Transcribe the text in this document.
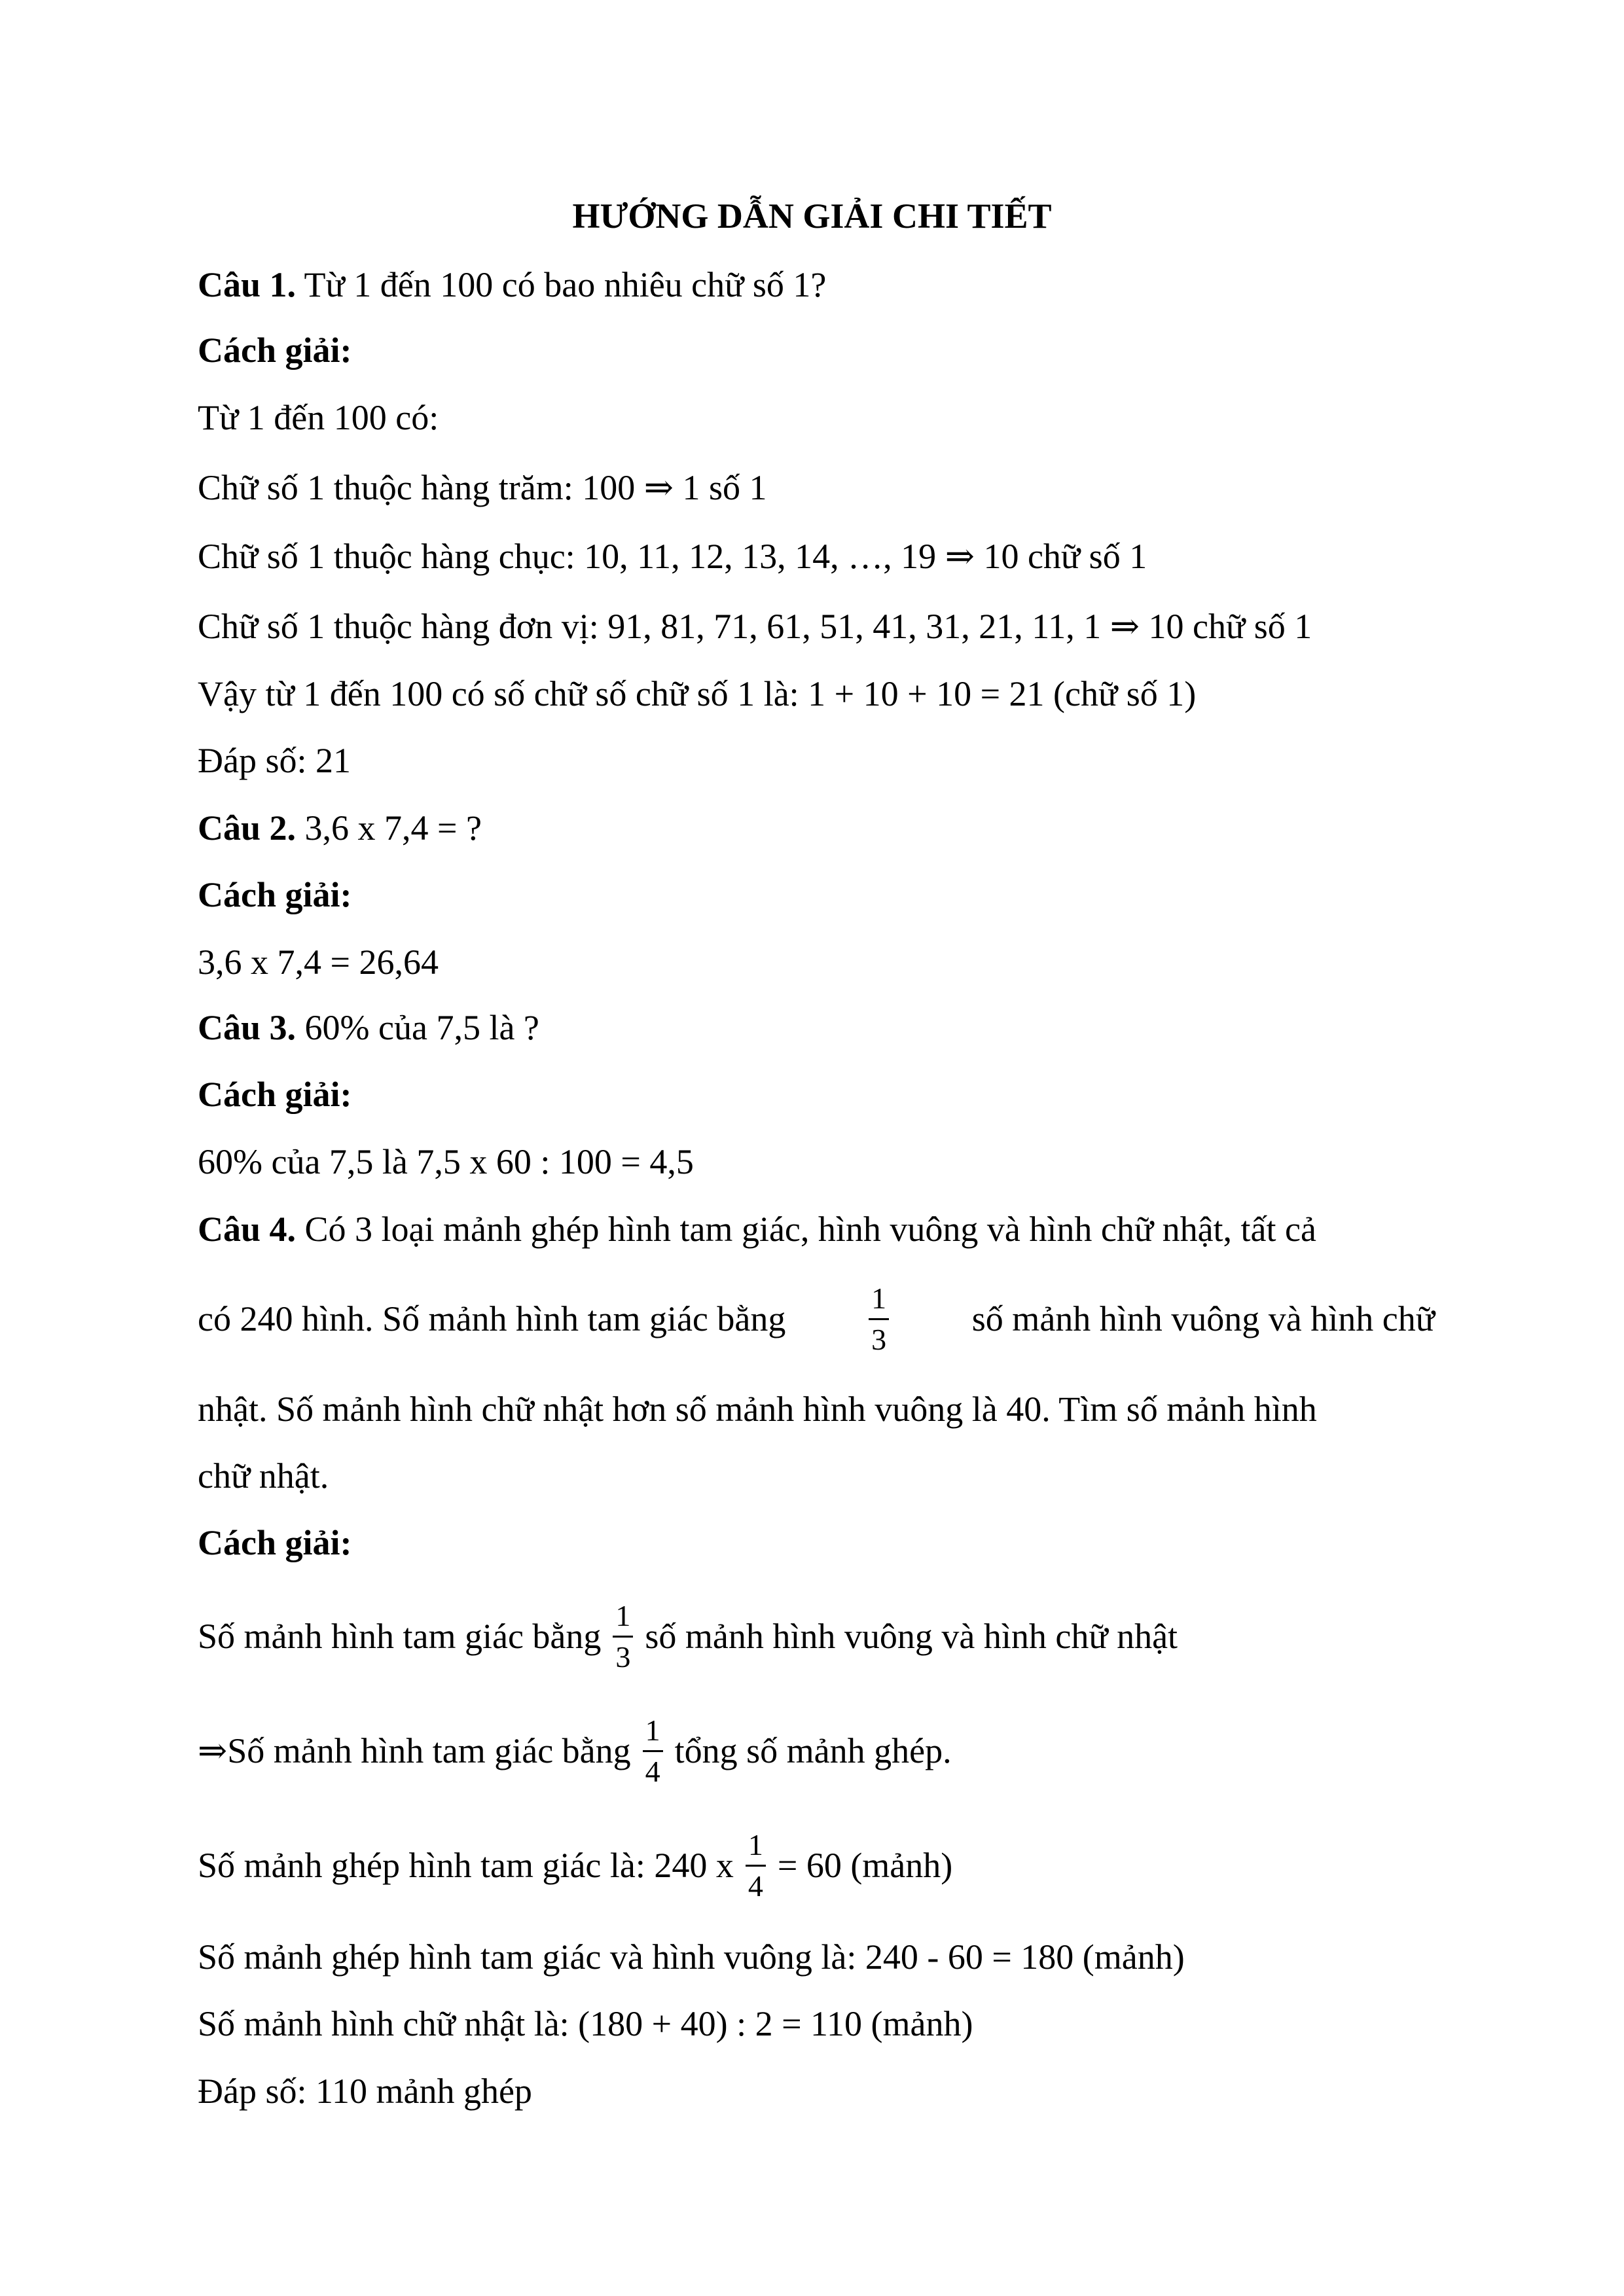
HƯỚNG DẪN GIẢI CHI TIẾT
Câu 1. Từ 1 đến 100 có bao nhiêu chữ số 1?
Cách giải:
Từ 1 đến 100 có:
Chữ số 1 thuộc hàng trăm: 100 ⇒ 1 số 1
Chữ số 1 thuộc hàng chục: 10, 11, 12, 13, 14, …, 19 ⇒ 10 chữ số 1
Chữ số 1 thuộc hàng đơn vị: 91, 81, 71, 61, 51, 41, 31, 21, 11, 1 ⇒ 10 chữ số 1
Vậy từ 1 đến 100 có số chữ số chữ số 1 là: 1 + 10 + 10 = 21 (chữ số 1)
Đáp số: 21
Câu 2. 3,6 x 7,4 = ?
Cách giải:
3,6 x 7,4 = 26,64
Câu 3. 60% của 7,5 là ?
Cách giải:
60% của 7,5 là 7,5 x 60 : 100 = 4,5
Câu 4. Có 3 loại mảnh ghép hình tam giác, hình vuông và hình chữ nhật, tất cả
có 240 hình. Số mảnh hình tam giác bằng	$\frac{1}{3}$ số mảnh hình vuông và hình chữ
nhật. Số mảnh hình chữ nhật hơn số mảnh hình vuông là 40. Tìm số mảnh hình
chữ nhật.
Cách giải:
Số mảnh hình tam giác bằng $\frac{1}{3}$ số mảnh hình vuông và hình chữ nhật
⇒ Số mảnh hình tam giác bằng $\frac{1}{4}$ tổng số mảnh ghép.
Số mảnh ghép hình tam giác là: 240 x $\frac{1}{4} = 60$ (mảnh)
Số mảnh ghép hình tam giác và hình vuông là: 240 - 60 = 180 (mảnh)
Số mảnh hình chữ nhật là: (180 + 40) : 2 = 110 (mảnh)
Đáp số: 110 mảnh ghép
